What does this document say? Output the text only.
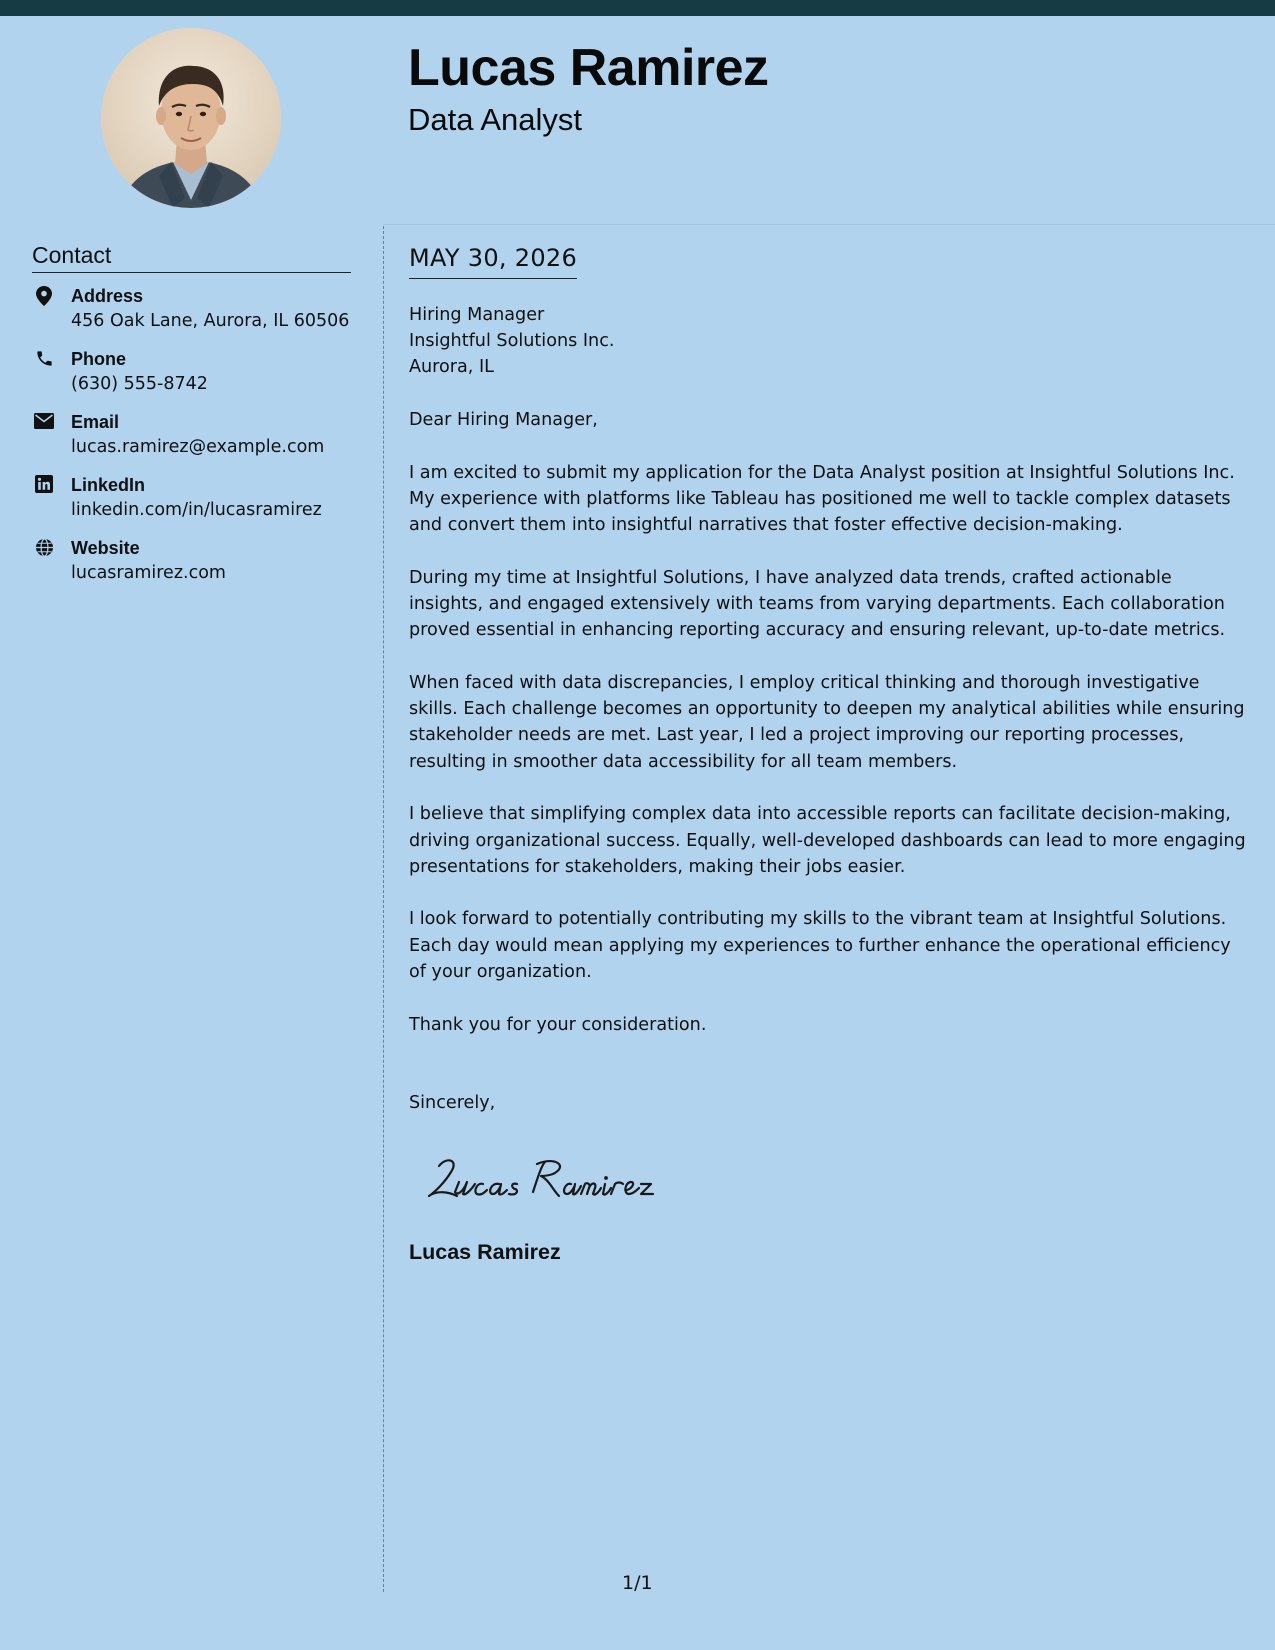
Lucas Ramirez
Data Analyst
Contact
Address
456 Oak Lane, Aurora, IL 60506
Phone
(630) 555-8742
Email
lucas.ramirez@example.com
LinkedIn
linkedin.com/in/lucasramirez
Website
lucasramirez.com
MAY 30, 2026

Hiring Manager

Insightful Solutions Inc.

Aurora, IL

Dear Hiring Manager,

I am excited to submit my application for the Data Analyst position at Insightful Solutions Inc. My experience with platforms like Tableau has positioned me well to tackle complex datasets and convert them into insightful narratives that foster effective decision-making.

During my time at Insightful Solutions, I have analyzed data trends, crafted actionable insights, and engaged extensively with teams from varying departments. Each collaboration proved essential in enhancing reporting accuracy and ensuring relevant, up-to-date metrics.

When faced with data discrepancies, I employ critical thinking and thorough investigative skills. Each challenge becomes an opportunity to deepen my analytical abilities while ensuring stakeholder needs are met. Last year, I led a project improving our reporting processes, resulting in smoother data accessibility for all team members.

I believe that simplifying complex data into accessible reports can facilitate decision-making, driving organizational success. Equally, well-developed dashboards can lead to more engaging presentations for stakeholders, making their jobs easier.

I look forward to potentially contributing my skills to the vibrant team at Insightful Solutions. Each day would mean applying my experiences to further enhance the operational efficiency of your organization.

Thank you for your consideration.

Sincerely,

Lucas Ramirez
1/1
